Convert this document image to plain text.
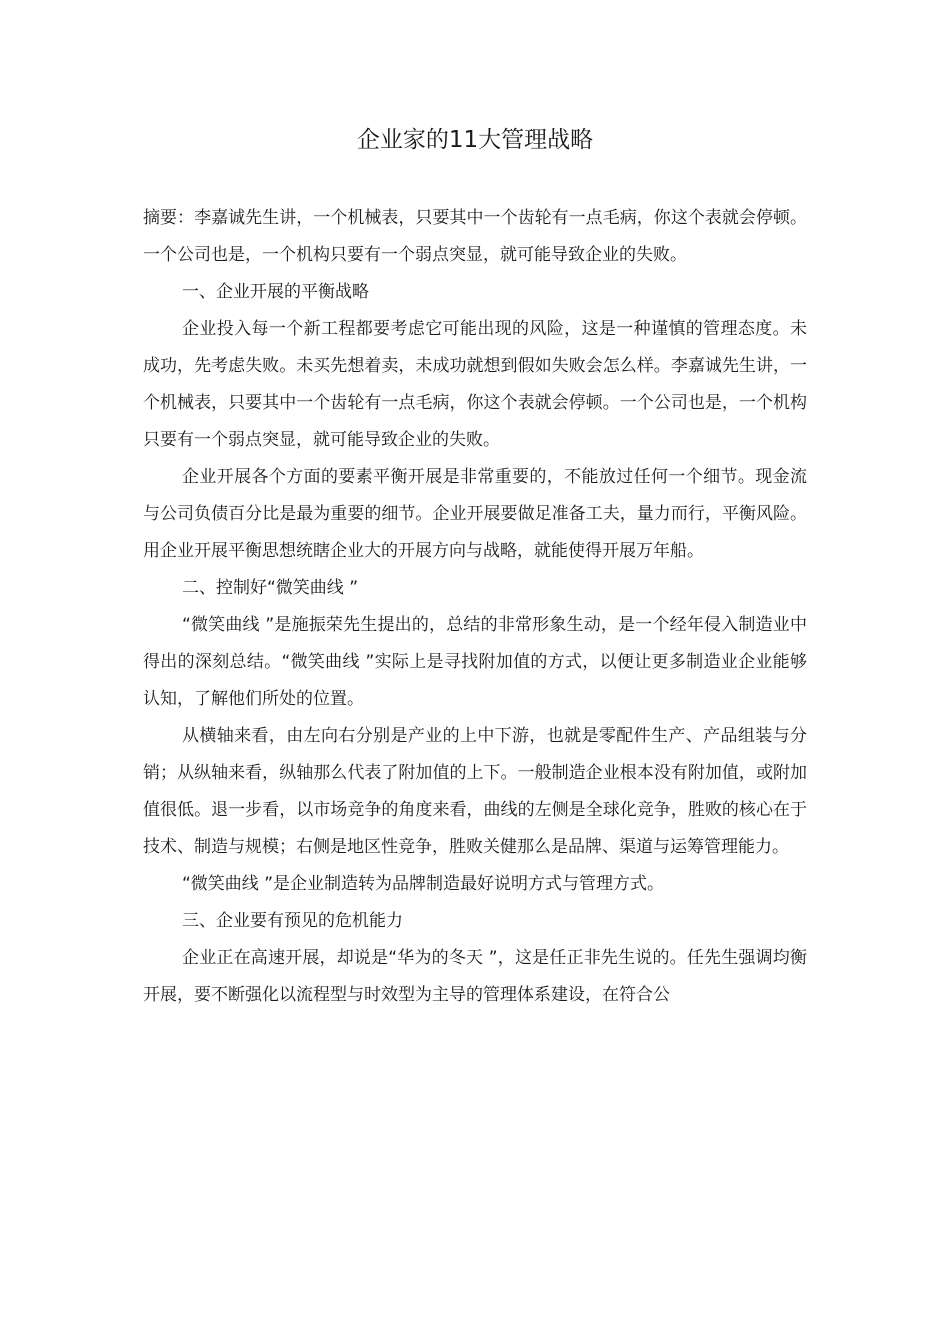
企业家的11大管理战略

摘要：李嘉诚先生讲，一个机械表，只要其中一个齿轮有一点毛病，你这个表就会停顿。一个公司也是，一个机构只要有一个弱点突显，就可能导致企业的失败。

一、企业开展的平衡战略

企业投入每一个新工程都要考虑它可能出现的风险，这是一种谨慎的管理态度。未成功，先考虑失败。未买先想着卖，未成功就想到假如失败会怎么样。李嘉诚先生讲，一个机械表，只要其中一个齿轮有一点毛病，你这个表就会停顿。一个公司也是，一个机构只要有一个弱点突显，就可能导致企业的失败。

企业开展各个方面的要素平衡开展是非常重要的，不能放过任何一个细节。现金流与公司负债百分比是最为重要的细节。企业开展要做足准备工夫，量力而行，平衡风险。用企业开展平衡思想统瞎企业大的开展方向与战略，就能使得开展万年船。

二、控制好“微笑曲线 ”

“微笑曲线 ”是施振荣先生提出的，总结的非常形象生动，是一个经年侵入制造业中得出的深刻总结。“微笑曲线 ”实际上是寻找附加值的方式，以便让更多制造业企业能够认知，了解他们所处的位置。

从横轴来看，由左向右分别是产业的上中下游，也就是零配件生产、产品组装与分销；从纵轴来看，纵轴那么代表了附加值的上下。一般制造企业根本没有附加值，或附加值很低。退一步看，以市场竞争的角度来看，曲线的左侧是全球化竞争，胜败的核心在于技术、制造与规模；右侧是地区性竞争，胜败关健那么是品牌、渠道与运筹管理能力。

“微笑曲线 ”是企业制造转为品牌制造最好说明方式与管理方式。

三、企业要有预见的危机能力

企业正在高速开展，却说是“华为的冬天 ”，这是任正非先生说的。任先生强调均衡开展，要不断强化以流程型与时效型为主导的管理体系建设，在符合公
